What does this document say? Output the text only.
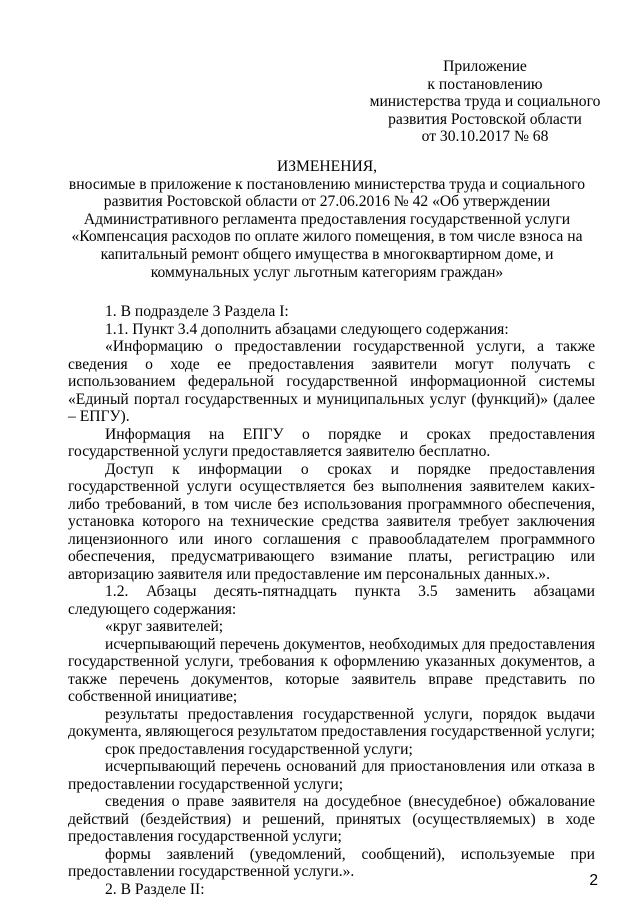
Приложение
к постановлению
министерства труда и социального
развития Ростовской области
от 30.10.2017 № 68
ИЗМЕНЕНИЯ,
вносимые в приложение к постановлению министерства труда и социального
развития Ростовской области от 27.06.2016 № 42 «Об утверждении
Административного регламента предоставления государственной услуги
«Компенсация расходов по оплате жилого помещения, в том числе взноса на
капитальный ремонт общего имущества в многоквартирном доме, и
коммунальных услуг льготным категориям граждан»

1. В подразделе 3 Раздела I:

1.1. Пункт 3.4 дополнить абзацами следующего содержания:

«Информацию о предоставлении государственной услуги, а также сведения о ходе ее предоставления заявители могут получать с использованием федеральной государственной информационной системы «Единый портал государственных и муниципальных услуг (функций)» (далее – ЕПГУ).

Информация на ЕПГУ о порядке и сроках предоставления государственной услуги предоставляется заявителю бесплатно.

Доступ к информации о сроках и порядке предоставления государственной услуги осуществляется без выполнения заявителем каких-либо требований, в том числе без использования программного обеспечения, установка которого на технические средства заявителя требует заключения лицензионного или иного соглашения с правообладателем программного обеспечения, предусматривающего взимание платы, регистрацию или авторизацию заявителя или предоставление им персональных данных.».

1.2. Абзацы десять-пятнадцать пункта 3.5 заменить абзацами следующего содержания:

«круг заявителей;

исчерпывающий перечень документов, необходимых для предоставления государственной услуги, требования к оформлению указанных документов, а также перечень документов, которые заявитель вправе представить по собственной инициативе;

результаты предоставления государственной услуги, порядок выдачи документа, являющегося результатом предоставления государственной услуги;

срок предоставления государственной услуги;

исчерпывающий перечень оснований для приостановления или отказа в предоставлении государственной услуги;

сведения о праве заявителя на досудебное (внесудебное) обжалование действий (бездействия) и решений, принятых (осуществляемых) в ходе предоставления государственной услуги;

формы заявлений (уведомлений, сообщений), используемые при предоставлении государственной услуги.».

2. В Разделе II:	2
